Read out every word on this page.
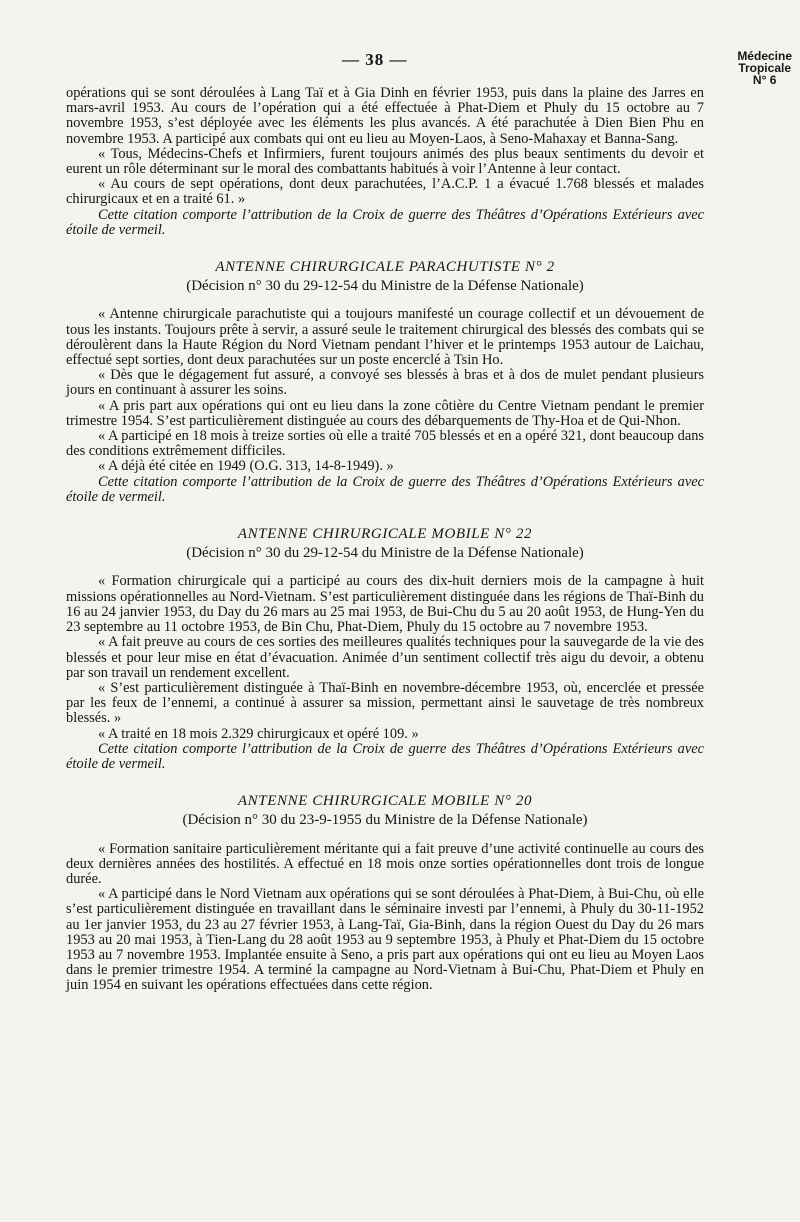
— 38 —	Médecine
Tropicale
N° 6

opérations qui se sont déroulées à Lang Taï et à Gia Dinh en février 1953, puis dans la plaine des Jarres en mars-avril 1953. Au cours de l’opération qui a été effectuée à Phat-Diem et Phuly du 15 octobre au 7 novembre 1953, s’est déployée avec les éléments les plus avancés. A été parachutée à Dien Bien Phu en novembre 1953. A participé aux combats qui ont eu lieu au Moyen-Laos, à Seno-Mahaxay et Banna-Sang.

« Tous, Médecins-Chefs et Infirmiers, furent toujours animés des plus beaux sentiments du devoir et eurent un rôle déterminant sur le moral des combattants habitués à voir l’Antenne à leur contact.

« Au cours de sept opérations, dont deux parachutées, l’A.C.P. 1 a évacué 1.768 blessés et malades chirurgicaux et en a traité 61. »

Cette citation comporte l’attribution de la Croix de guerre des Théâtres d’Opérations Extérieurs avec étoile de vermeil.

ANTENNE CHIRURGICALE PARACHUTISTE N° 2
(Décision n° 30 du 29-12-54 du Ministre de la Défense Nationale)

« Antenne chirurgicale parachutiste qui a toujours manifesté un courage collectif et un dévouement de tous les instants. Toujours prête à servir, a assuré seule le traitement chirurgical des blessés des combats qui se déroulèrent dans la Haute Région du Nord Vietnam pendant l’hiver et le printemps 1953 autour de Laichau, effectué sept sorties, dont deux parachutées sur un poste encerclé à Tsin Ho.

« Dès que le dégagement fut assuré, a convoyé ses blessés à bras et à dos de mulet pendant plusieurs jours en continuant à assurer les soins.

« A pris part aux opérations qui ont eu lieu dans la zone côtière du Centre Vietnam pendant le premier trimestre 1954. S’est particulièrement distinguée au cours des débarquements de Thy-Hoa et de Qui-Nhon.

« A participé en 18 mois à treize sorties où elle a traité 705 blessés et en a opéré 321, dont beaucoup dans des conditions extrêmement difficiles.

« A déjà été citée en 1949 (O.G. 313, 14-8-1949). »

Cette citation comporte l’attribution de la Croix de guerre des Théâtres d’Opérations Extérieurs avec étoile de vermeil.

ANTENNE CHIRURGICALE MOBILE N° 22
(Décision n° 30 du 29-12-54 du Ministre de la Défense Nationale)

« Formation chirurgicale qui a participé au cours des dix-huit derniers mois de la campagne à huit missions opérationnelles au Nord-Vietnam. S’est particulièrement distinguée dans les régions de Thaï-Binh du 16 au 24 janvier 1953, du Day du 26 mars au 25 mai 1953, de Bui-Chu du 5 au 20 août 1953, de Hung-Yen du 23 septembre au 11 octobre 1953, de Bin Chu, Phat-Diem, Phuly du 15 octobre au 7 novembre 1953.

« A fait preuve au cours de ces sorties des meilleures qualités techniques pour la sauvegarde de la vie des blessés et pour leur mise en état d’évacuation. Animée d’un sentiment collectif très aigu du devoir, a obtenu par son travail un rendement excellent.

« S’est particulièrement distinguée à Thaï-Binh en novembre-décembre 1953, où, encerclée et pressée par les feux de l’ennemi, a continué à assurer sa mission, permettant ainsi le sauvetage de très nombreux blessés. »

« A traité en 18 mois 2.329 chirurgicaux et opéré 109. »

Cette citation comporte l’attribution de la Croix de guerre des Théâtres d’Opérations Extérieurs avec étoile de vermeil.

ANTENNE CHIRURGICALE MOBILE N° 20
(Décision n° 30 du 23-9-1955 du Ministre de la Défense Nationale)

« Formation sanitaire particulièrement méritante qui a fait preuve d’une activité continuelle au cours des deux dernières années des hostilités. A effectué en 18 mois onze sorties opérationnelles dont trois de longue durée.

« A participé dans le Nord Vietnam aux opérations qui se sont déroulées à Phat-Diem, à Bui-Chu, où elle s’est particulièrement distinguée en travaillant dans le séminaire investi par l’ennemi, à Phuly du 30-11-1952 au 1er janvier 1953, du 23 au 27 février 1953, à Lang-Taï, Gia-Binh, dans la région Ouest du Day du 26 mars 1953 au 20 mai 1953, à Tien-Lang du 28 août 1953 au 9 septembre 1953, à Phuly et Phat-Diem du 15 octobre 1953 au 7 novembre 1953. Implantée ensuite à Seno, a pris part aux opérations qui ont eu lieu au Moyen Laos dans le premier trimestre 1954. A terminé la campagne au Nord-Vietnam à Bui-Chu, Phat-Diem et Phuly en juin 1954 en suivant les opérations effectuées dans cette région.
